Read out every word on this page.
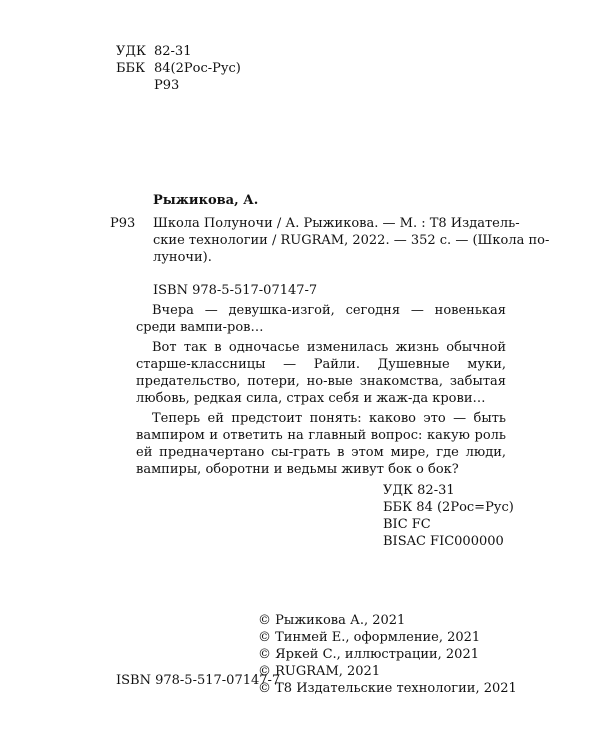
УДК 82-31
ББК 84(2Рос-Рус)
Р93
Рыжикова, А.
Р93 Школа Полуночи / А. Рыжикова. — М. : Т8 Издатель-
ские технологии / RUGRAM, 2022. — 352 с. — (Школа по-
луночи).
ISBN 978-5-517-07147-7

Вчера — девушка-изгой, сегодня — новенькая среди вампи-ров…

Вот так в одночасье изменилась жизнь обычной старше-классницы — Райли. Душевные муки, предательство, потери, но-вые знакомства, забытая любовь, редкая сила, страх себя и жаж-да крови…

Теперь ей предстоит понять: каково это — быть вампиром и ответить на главный вопрос: какую роль ей предначертано сы-грать в этом мире, где люди, вампиры, оборотни и ведьмы живут бок о бок?

УДК 82-31
ББК 84 (2Рос=Рус)
BIC FC
BISAC FIC000000
© Рыжикова А., 2021
© Тинмей Е., оформление, 2021
© Яркей С., иллюстрации, 2021
© RUGRAM, 2021
© Т8 Издательские технологии, 2021
ISBN 978-5-517-07147-7
